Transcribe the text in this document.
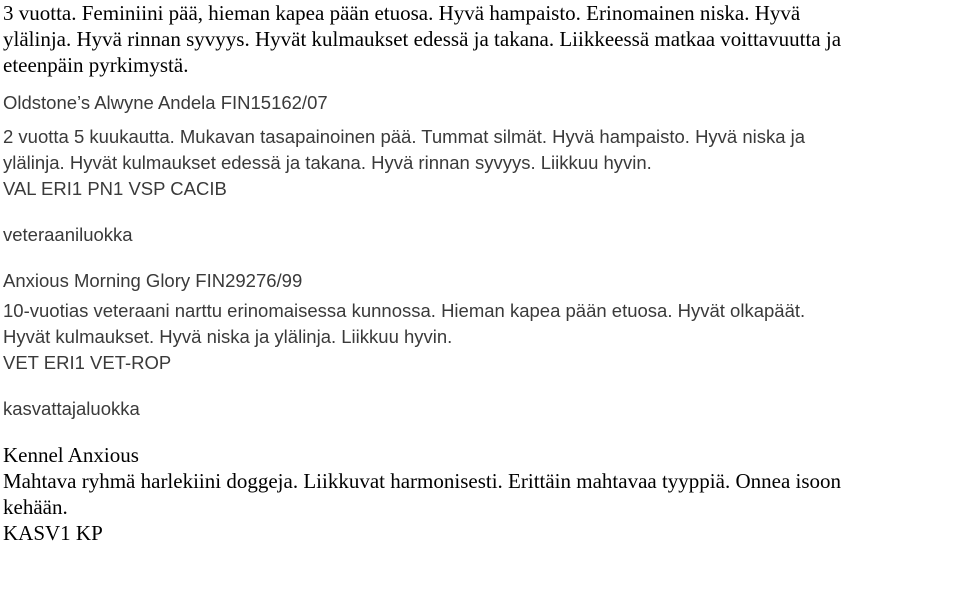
3 vuotta. Feminiini pää, hieman kapea pään etuosa. Hyvä hampaisto. Erinomainen niska. Hyvä
ylälinja. Hyvä rinnan syvyys. Hyvät kulmaukset edessä ja takana. Liikkeessä matkaa voittavuutta ja
eteenpäin pyrkimystä.

Oldstone’s Alwyne Andela FIN15162/07
2 vuotta 5 kuukautta. Mukavan tasapainoinen pää. Tummat silmät. Hyvä hampaisto. Hyvä niska ja
ylälinja. Hyvät kulmaukset edessä ja takana. Hyvä rinnan syvyys. Liikkuu hyvin.
VAL ERI1 PN1 VSP CACIB

veteraaniluokka

Anxious Morning Glory FIN29276/99
10-vuotias veteraani narttu erinomaisessa kunnossa. Hieman kapea pään etuosa. Hyvät olkapäät.
Hyvät kulmaukset. Hyvä niska ja ylälinja. Liikkuu hyvin.
VET ERI1 VET-ROP

kasvattajaluokka

Kennel Anxious
Mahtava ryhmä harlekiini doggeja. Liikkuvat harmonisesti. Erittäin mahtavaa tyyppiä. Onnea isoon
kehään.
KASV1 KP
